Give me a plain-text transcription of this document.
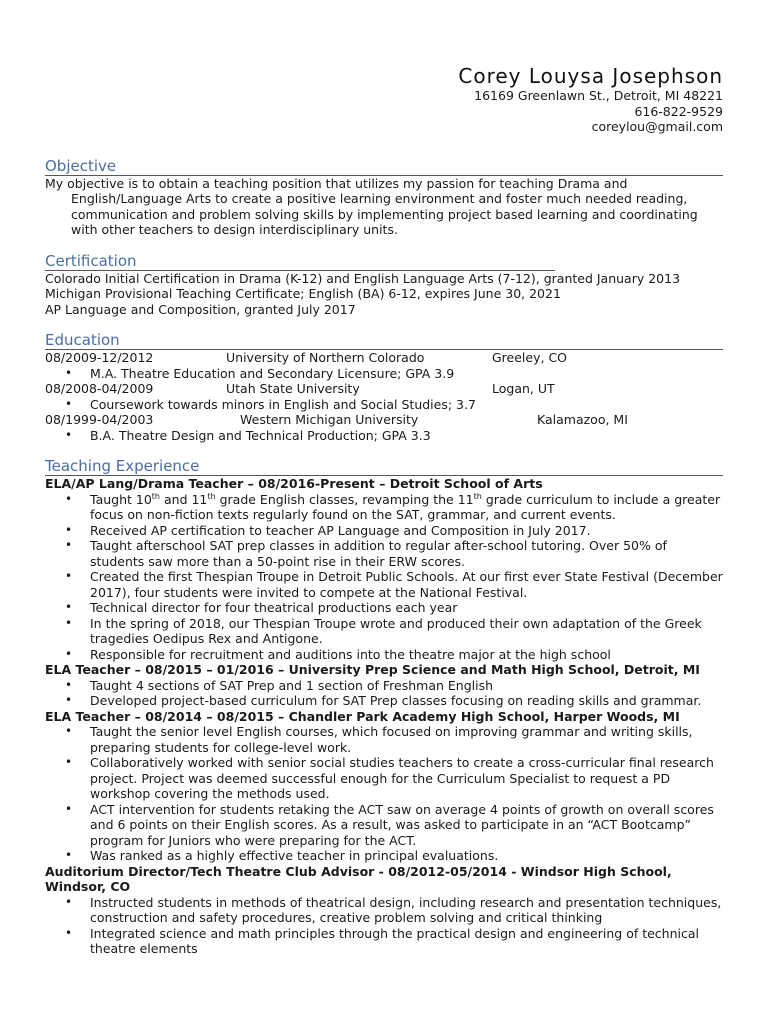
Corey Louysa Josephson
16169 Greenlawn St., Detroit, MI 48221
616-822-9529
coreylou@gmail.com
Objective
My objective is to obtain a teaching position that utilizes my passion for teaching Drama and English/Language Arts to create a positive learning environment and foster much needed reading, communication and problem solving skills by implementing project based learning and coordinating with other teachers to design interdisciplinary units.
Certification
Colorado Initial Certification in Drama (K-12) and English Language Arts (7-12), granted January 2013
Michigan Provisional Teaching Certificate; English (BA) 6-12, expires June 30, 2021
AP Language and Composition, granted July 2017
Education
08/2009-12/2012	University of Northern Colorado	Greeley, CO
• M.A. Theatre Education and Secondary Licensure; GPA 3.9
08/2008-04/2009	Utah State University	Logan, UT
• Coursework towards minors in English and Social Studies; 3.7
08/1999-04/2003	Western Michigan University	Kalamazoo, MI
• B.A. Theatre Design and Technical Production; GPA 3.3
Teaching Experience
ELA/AP Lang/Drama Teacher – 08/2016-Present – Detroit School of Arts
• Taught 10th and 11th grade English classes, revamping the 11th grade curriculum to include a greater focus on non-fiction texts regularly found on the SAT, grammar, and current events.
• Received AP certification to teacher AP Language and Composition in July 2017.
• Taught afterschool SAT prep classes in addition to regular after-school tutoring. Over 50% of students saw more than a 50-point rise in their ERW scores.
• Created the first Thespian Troupe in Detroit Public Schools. At our first ever State Festival (December 2017), four students were invited to compete at the National Festival.
• Technical director for four theatrical productions each year
• In the spring of 2018, our Thespian Troupe wrote and produced their own adaptation of the Greek tragedies Oedipus Rex and Antigone.
• Responsible for recruitment and auditions into the theatre major at the high school
ELA Teacher – 08/2015 – 01/2016 – University Prep Science and Math High School, Detroit, MI
• Taught 4 sections of SAT Prep and 1 section of Freshman English
• Developed project-based curriculum for SAT Prep classes focusing on reading skills and grammar.
ELA Teacher – 08/2014 – 08/2015 – Chandler Park Academy High School, Harper Woods, MI
• Taught the senior level English courses, which focused on improving grammar and writing skills, preparing students for college-level work.
• Collaboratively worked with senior social studies teachers to create a cross-curricular final research project. Project was deemed successful enough for the Curriculum Specialist to request a PD workshop covering the methods used.
• ACT intervention for students retaking the ACT saw on average 4 points of growth on overall scores and 6 points on their English scores. As a result, was asked to participate in an “ACT Bootcamp” program for Juniors who were preparing for the ACT.
• Was ranked as a highly effective teacher in principal evaluations.
Auditorium Director/Tech Theatre Club Advisor - 08/2012-05/2014 - Windsor High School, Windsor, CO
• Instructed students in methods of theatrical design, including research and presentation techniques, construction and safety procedures, creative problem solving and critical thinking
• Integrated science and math principles through the practical design and engineering of technical theatre elements
